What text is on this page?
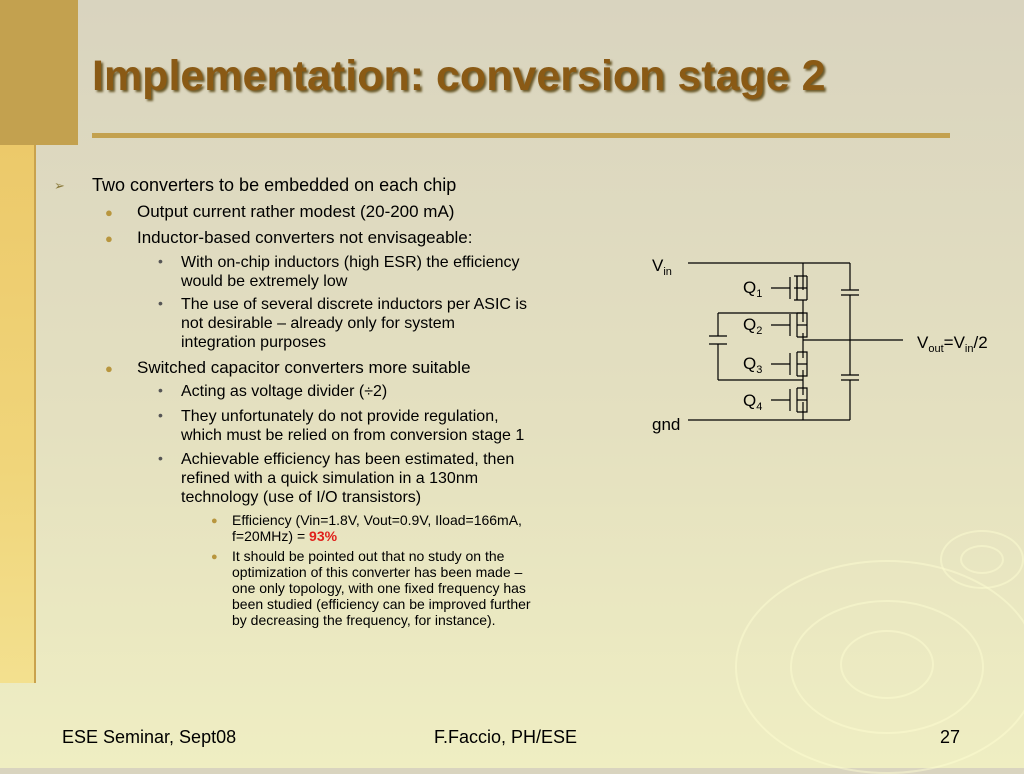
Implementation: conversion stage 2
➢ Two converters to be embedded on each chip
● Output current rather modest (20-200 mA)
● Inductor-based converters not envisageable:
• With on-chip inductors (high ESR) the efficiency
would be extremely low
• The use of several discrete inductors per ASIC is
not desirable – already only for system
integration purposes
● Switched capacitor converters more suitable
• Acting as voltage divider (÷2)
• They unfortunately do not provide regulation,
which must be relied on from conversion stage 1
• Achievable efficiency has been estimated, then
refined with a quick simulation in a 130nm
technology (use of I/O transistors)
● Efficiency (Vin=1.8V, Vout=0.9V, Iload=166mA,
f=20MHz) = 93%
● It should be pointed out that no study on the
optimization of this converter has been made –
one only topology, with one fixed frequency has
been studied (efficiency can be improved further
by decreasing the frequency, for instance).
$V_{in}$
gnd
$V_{out}=V_{in}/2$
$Q_1$
$Q_2$
$Q_3$
$Q_4$
ESE Seminar, Sept08	F.Faccio, PH/ESE	27
